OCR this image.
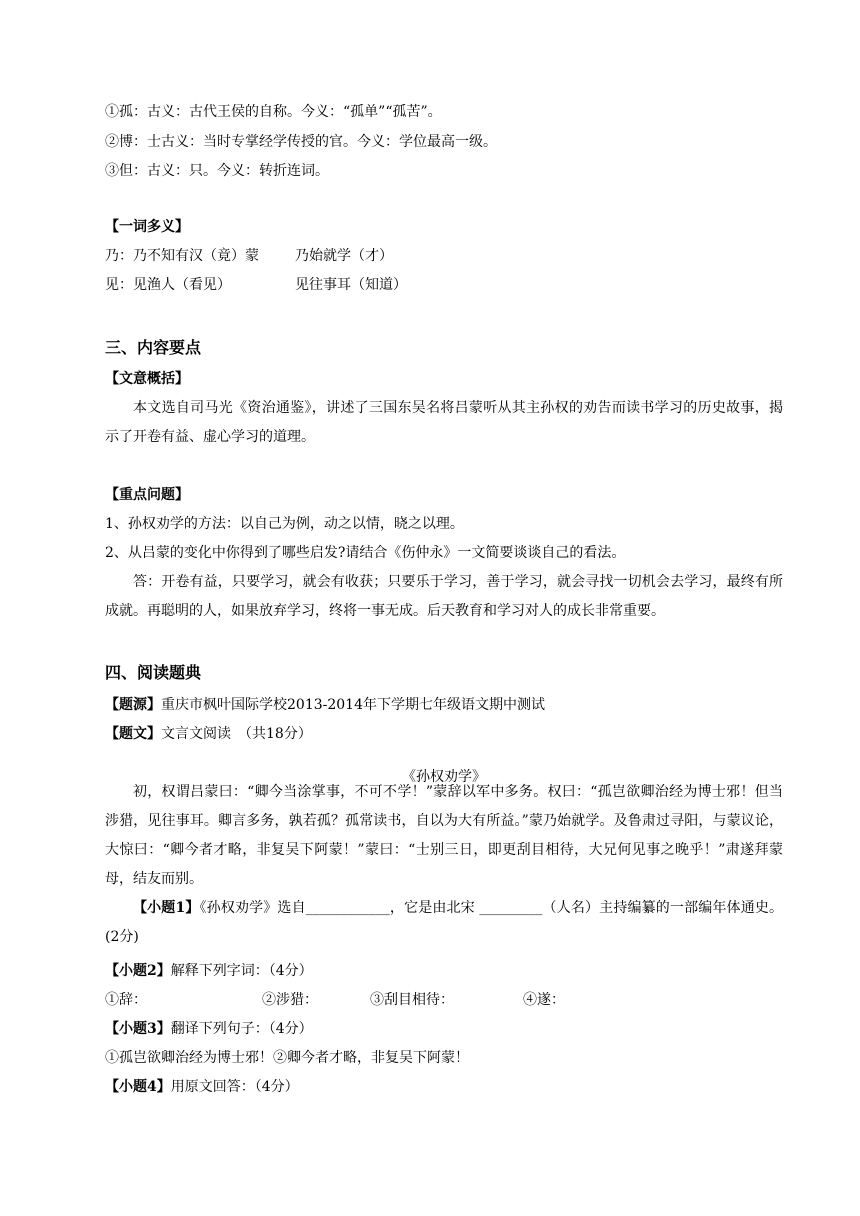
①孤：古义：古代王侯的自称。今义：“孤单”“孤苦”。

②博：士古义：当时专掌经学传授的官。今义：学位最高一级。

③但：古义：只。今义：转折连词。

【一词多义】

乃：乃不知有汉（竟）蒙	乃始就学（才）

见：见渔人（看见）	见往事耳（知道）

三、内容要点

【文意概括】

本文选自司马光《资治通鉴》，讲述了三国东吴名将吕蒙听从其主孙权的劝告而读书学习的历史故事，揭示了开卷有益、虚心学习的道理。

【重点问题】

1、孙权劝学的方法：以自己为例，动之以情，晓之以理。

2、从吕蒙的变化中你得到了哪些启发?请结合《伤仲永》一文简要谈谈自己的看法。

答：开卷有益，只要学习，就会有收获；只要乐于学习，善于学习，就会寻找一切机会去学习，最终有所成就。再聪明的人，如果放弃学习，终将一事无成。后天教育和学习对人的成长非常重要。

四、阅读题典

【题源】重庆市枫叶国际学校2013-2014年下学期七年级语文期中测试

【题文】文言文阅读　（共18分）

《孙权劝学》

初，权谓吕蒙曰：“卿今当涂掌事，不可不学！”蒙辞以军中多务。权曰：“孤岂欲卿治经为博士邪！但当涉猎，见往事耳。卿言多务，孰若孤？孤常读书，自以为大有所益。”蒙乃始就学。及鲁肃过寻阳，与蒙议论，大惊曰：“卿今者才略，非复吴下阿蒙！”蒙曰：“士别三日，即更刮目相待，大兄何见事之晚乎！”肃遂拜蒙母，结友而别。

【小题1】《孙权劝学》选自____________，它是由北宋 _________（人名）主持编纂的一部编年体通史。(2分)

【小题2】解释下列字词：（4分）

①辞：	②涉猎：	③刮目相待：	④遂：

【小题3】翻译下列句子：（4分）

①孤岂欲卿治经为博士邪！②卿今者才略，非复吴下阿蒙！

【小题4】用原文回答：（4分）
